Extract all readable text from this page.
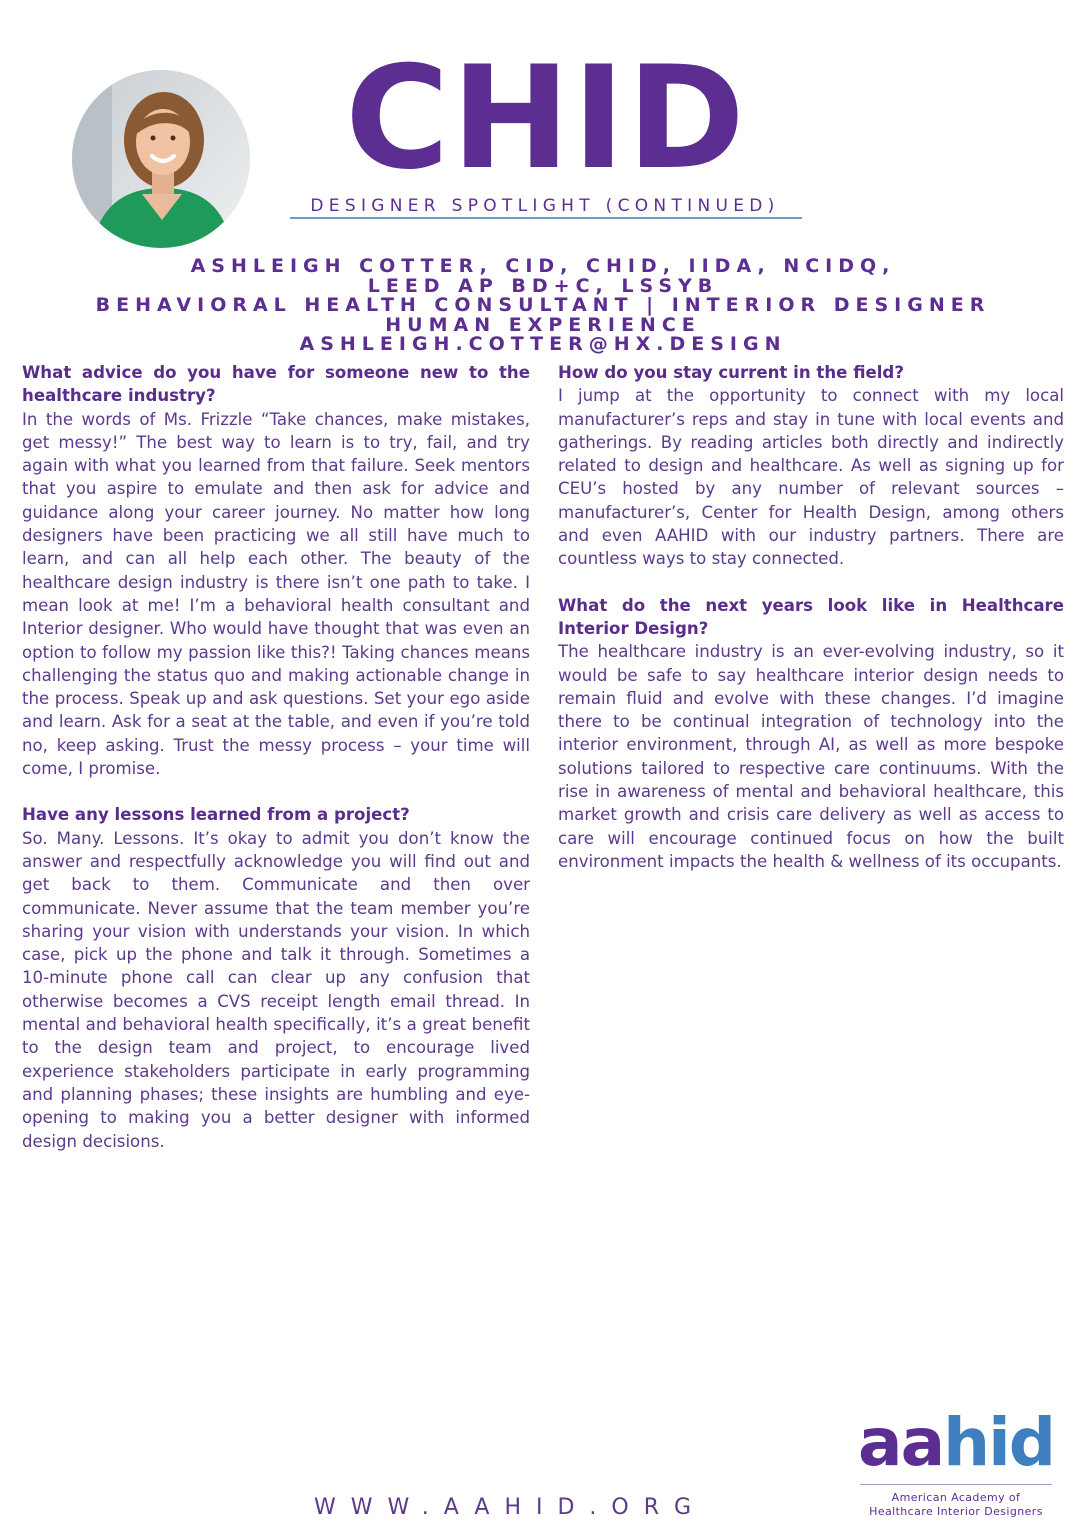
CHID
DESIGNER SPOTLIGHT (CONTINUED)
ASHLEIGH COTTER, CID, CHID, IIDA, NCIDQ,
LEED AP BD+C, LSSYB
BEHAVIORAL HEALTH CONSULTANT | INTERIOR DESIGNER
HUMAN EXPERIENCE
ASHLEIGH.COTTER@HX.DESIGN

What advice do you have for someone new to the healthcare industry?

In the words of Ms. Frizzle “Take chances, make mistakes, get messy!” The best way to learn is to try, fail, and try again with what you learned from that failure. Seek mentors that you aspire to emulate and then ask for advice and guidance along your career journey. No matter how long designers have been practicing we all still have much to learn, and can all help each other. The beauty of the healthcare design industry is there isn’t one path to take. I mean look at me! I’m a behavioral health consultant and Interior designer. Who would have thought that was even an option to follow my passion like this?! Taking chances means challenging the status quo and making actionable change in the process. Speak up and ask questions. Set your ego aside and learn. Ask for a seat at the table, and even if you’re told no, keep asking. Trust the messy process – your time will come, I promise.

Have any lessons learned from a project?

So. Many. Lessons. It’s okay to admit you don’t know the answer and respectfully acknowledge you will find out and get back to them. Communicate and then over communicate. Never assume that the team member you’re sharing your vision with understands your vision. In which case, pick up the phone and talk it through. Sometimes a 10-minute phone call can clear up any confusion that otherwise becomes a CVS receipt length email thread. In mental and behavioral health specifically, it’s a great benefit to the design team and project, to encourage lived experience stakeholders participate in early programming and planning phases; these insights are humbling and eye-opening to making you a better designer with informed design decisions.

How do you stay current in the field?

I jump at the opportunity to connect with my local manufacturer’s reps and stay in tune with local events and gatherings. By reading articles both directly and indirectly related to design and healthcare. As well as signing up for CEU’s hosted by any number of relevant sources – manufacturer’s, Center for Health Design, among others and even AAHID with our industry partners. There are countless ways to stay connected.

What do the next years look like in Healthcare Interior Design?

The healthcare industry is an ever-evolving industry, so it would be safe to say healthcare interior design needs to remain fluid and evolve with these changes. I’d imagine there to be continual integration of technology into the interior environment, through AI, as well as more bespoke solutions tailored to respective care continuums. With the rise in awareness of mental and behavioral healthcare, this market growth and crisis care delivery as well as access to care will encourage continued focus on how the built environment impacts the health & wellness of its occupants.

WWW.AAHID.ORG
aahid
American Academy of
Healthcare Interior Designers
